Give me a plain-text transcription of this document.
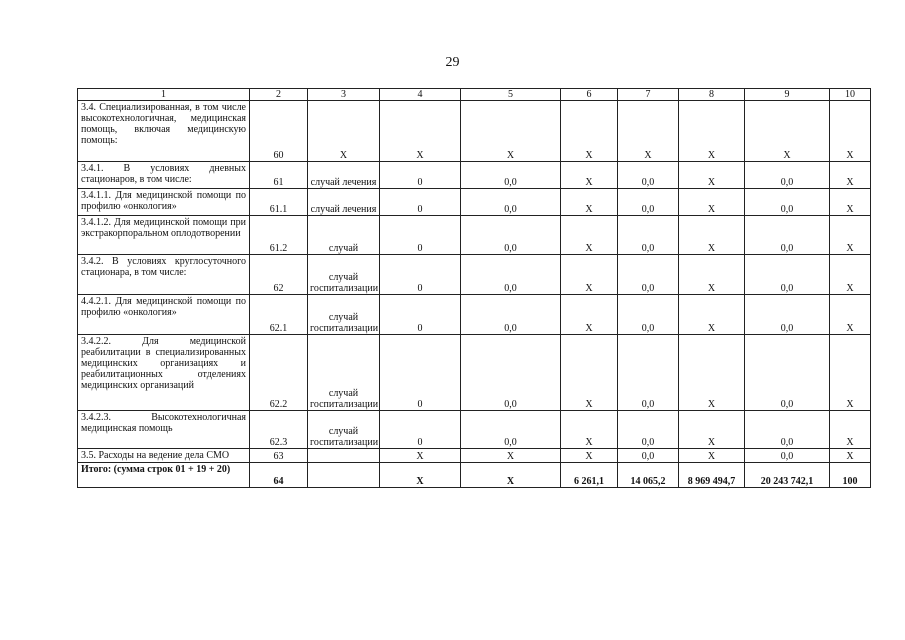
29
1	2	3	4	5	6	7	8	9	10
3.4. Специализированная, в том числе высокотехнологичная, медицинская помощь, включая медицинскую помощь:	60	Х	Х	Х	Х	Х	Х	Х	Х
3.4.1. В условиях дневных стационаров, в том числе:	61	случай лечения	0	0,0	Х	0,0	Х	0,0	Х
3.4.1.1. Для медицинской помощи по профилю «онкология»	61.1	случай лечения	0	0,0	Х	0,0	Х	0,0	Х
3.4.1.2. Для медицинской помощи при экстракорпоральном оплодотворении	61.2	случай	0	0,0	Х	0,0	Х	0,0	Х
3.4.2. В условиях круглосуточного стационара, в том числе:	62	случай госпитализации	0	0,0	Х	0,0	Х	0,0	Х
4.4.2.1. Для медицинской помощи по профилю «онкология»	62.1	случай госпитализации	0	0,0	Х	0,0	Х	0,0	Х
3.4.2.2. Для медицинской реабилитации в специализированных медицинских организациях и реабилитационных отделениях медицинских организаций	62.2	случай госпитализации	0	0,0	Х	0,0	Х	0,0	Х
3.4.2.3. Высокотехнологичная медицинская помощь	62.3	случай госпитализации	0	0,0	Х	0,0	Х	0,0	Х
3.5. Расходы на ведение дела СМО	63		Х	Х	Х	0,0	Х	0,0	Х
Итого: (сумма строк 01 + 19 + 20)	64		Х	Х	6 261,1	14 065,2	8 969 494,7	20 243 742,1	100
